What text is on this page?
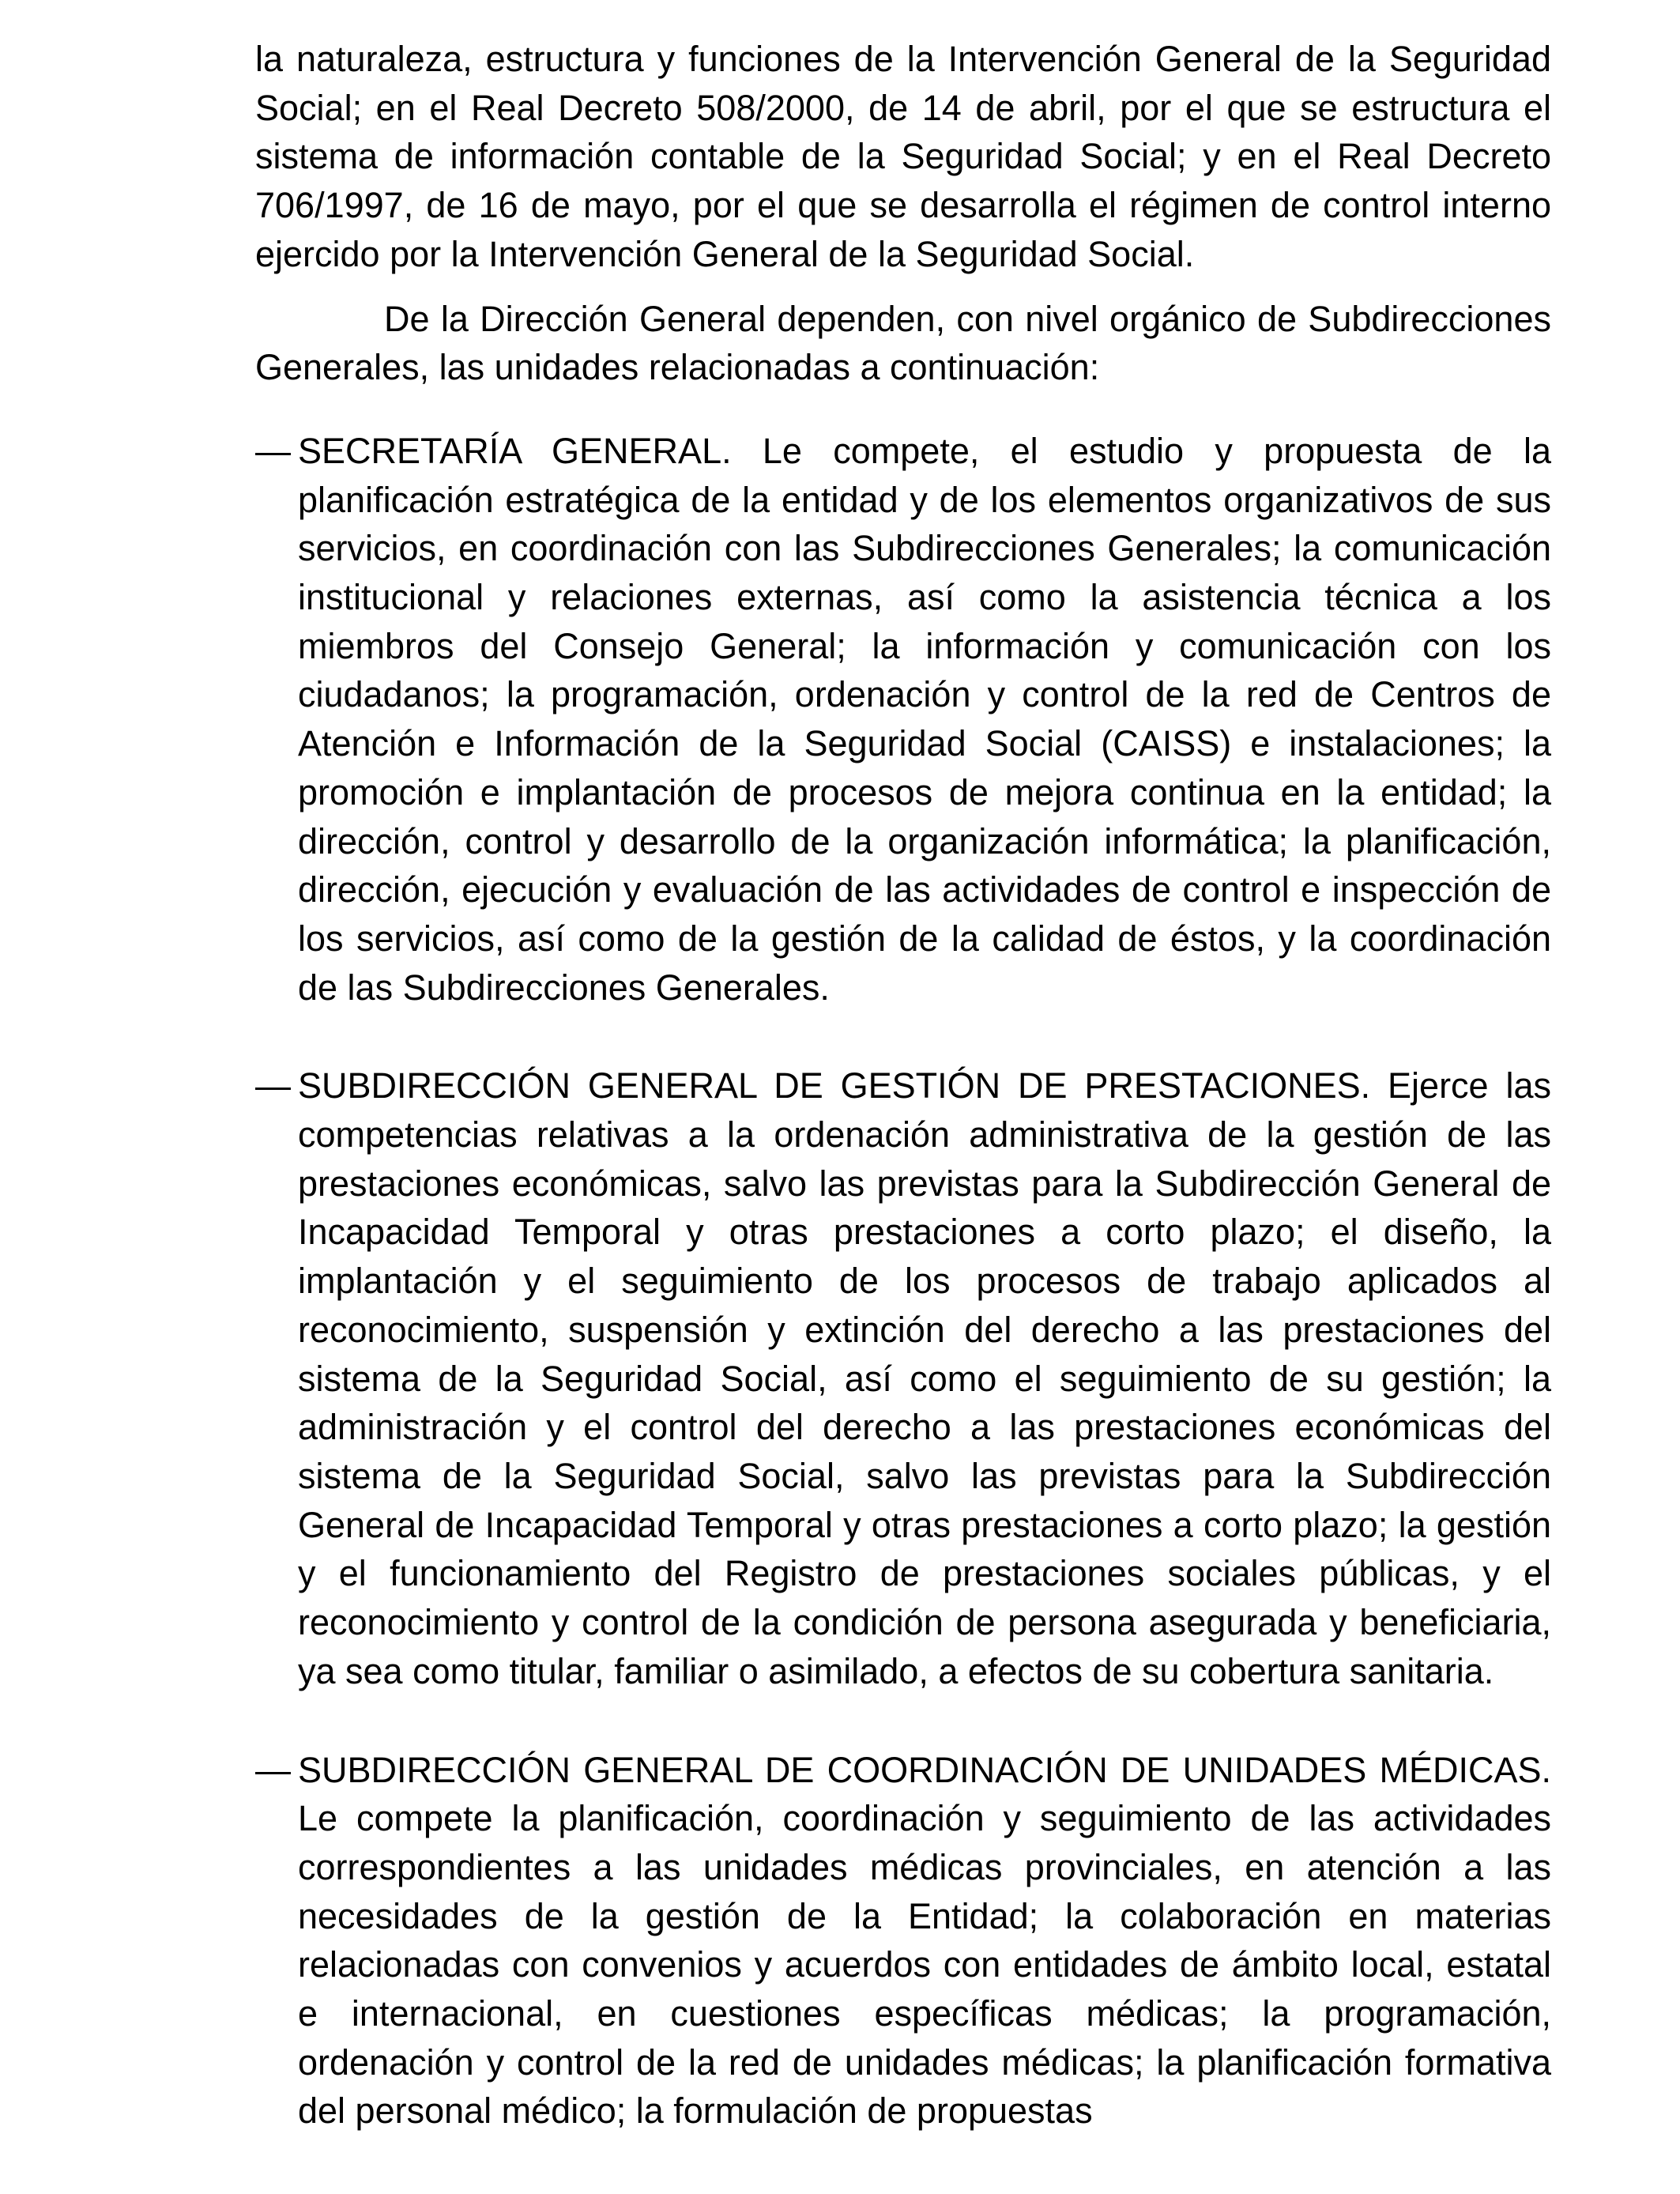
la naturaleza, estructura y funciones de la Intervención General de la Seguridad Social; en el Real Decreto 508/2000, de 14 de abril, por el que se estructura el sistema de información contable de la Seguridad Social; y en el Real Decreto 706/1997, de 16 de mayo, por el que se desarrolla el régimen de control interno ejercido por la Intervención General de la Seguridad Social.

De la Dirección General dependen, con nivel orgánico de Subdirecciones Generales, las unidades relacionadas a continuación:

— SECRETARÍA GENERAL. Le compete, el estudio y propuesta de la planificación estratégica de la entidad y de los elementos organizativos de sus servicios, en coordinación con las Subdirecciones Generales; la comunicación institucional y relaciones externas, así como la asistencia técnica a los miembros del Consejo General; la información y comunicación con los ciudadanos; la programación, ordenación y control de la red de Centros de Atención e Información de la Seguridad Social (CAISS) e instalaciones; la promoción e implantación de procesos de mejora continua en la entidad; la dirección, control y desarrollo de la organización informática; la planificación, dirección, ejecución y evaluación de las actividades de control e inspección de los servicios, así como de la gestión de la calidad de éstos, y la coordinación de las Subdirecciones Generales.
— SUBDIRECCIÓN GENERAL DE GESTIÓN DE PRESTACIONES. Ejerce las competencias relativas a la ordenación administrativa de la gestión de las prestaciones económicas, salvo las previstas para la Subdirección General de Incapacidad Temporal y otras prestaciones a corto plazo; el diseño, la implantación y el seguimiento de los procesos de trabajo aplicados al reconocimiento, suspensión y extinción del derecho a las prestaciones del sistema de la Seguridad Social, así como el seguimiento de su gestión; la administración y el control del derecho a las prestaciones económicas del sistema de la Seguridad Social, salvo las previstas para la Subdirección General de Incapacidad Temporal y otras prestaciones a corto plazo; la gestión y el funcionamiento del Registro de prestaciones sociales públicas, y el reconocimiento y control de la condición de persona asegurada y beneficiaria, ya sea como titular, familiar o asimilado, a efectos de su cobertura sanitaria.
— SUBDIRECCIÓN GENERAL DE COORDINACIÓN DE UNIDADES MÉDICAS. Le compete la planificación, coordinación y seguimiento de las actividades correspondientes a las unidades médicas provinciales, en atención a las necesidades de la gestión de la Entidad; la colaboración en materias relacionadas con convenios y acuerdos con entidades de ámbito local, estatal e internacional, en cuestiones específicas médicas; la programación, ordenación y control de la red de unidades médicas; la planificación formativa del personal médico; la formulación de propuestas
